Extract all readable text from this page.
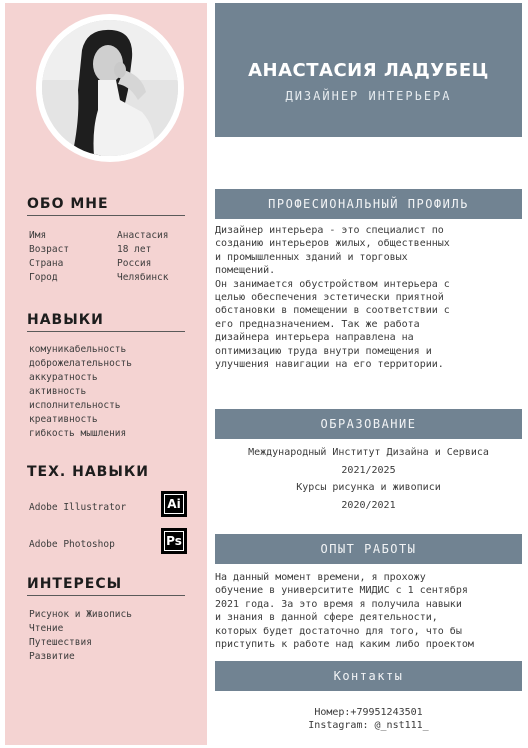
ОБО МНЕ
Имя	Анастасия
Возраст	18 лет
Страна	Россия
Город	Челябинск
НАВЫКИ
комуникабельность
доброжелательность
аккуратность
активность
исполнительность
креативность
гибкость мышления
ТЕХ. НАВЫКИ
Adobe Illustrator	Ai
Adobe Photoshop	Ps
ИНТЕРЕСЫ
Рисунок и Живопись
Чтение
Путешествия
Развитие
АНАСТАСИЯ ЛАДУБЕЦ
ДИЗАЙНЕР ИНТЕРЬЕРА
ПРОФЕСИОНАЛЬНЫЙ ПРОФИЛЬ
Дизайнер интерьера - это специалист по
созданию интерьеров жилых, общественных
и промышленных зданий и торговых
помещений.
Он занимается обустройством интерьера с
целью обеспечения эстетически приятной
обстановки в помещении в соответствии с
его предназначением. Так же работа
дизайнера интерьера направлена на
оптимизацию труда внутри помещения и
улучшения навигации на его территории.
ОБРАЗОВАНИЕ
Международный Институт Дизайна и Сервиса
2021/2025
Курсы рисунка и живописи
2020/2021
ОПЫТ РАБОТЫ
На данный момент времени, я прохожу
обучение в университите МИДИС с 1 сентября
2021 года. За это время я получила навыки
и знания в данной сфере деятельности,
которых будет достаточно для того, что бы
приступить к работе над каким либо проектом
Контакты
Номер:+79951243501
Instagram: @_nst111_
